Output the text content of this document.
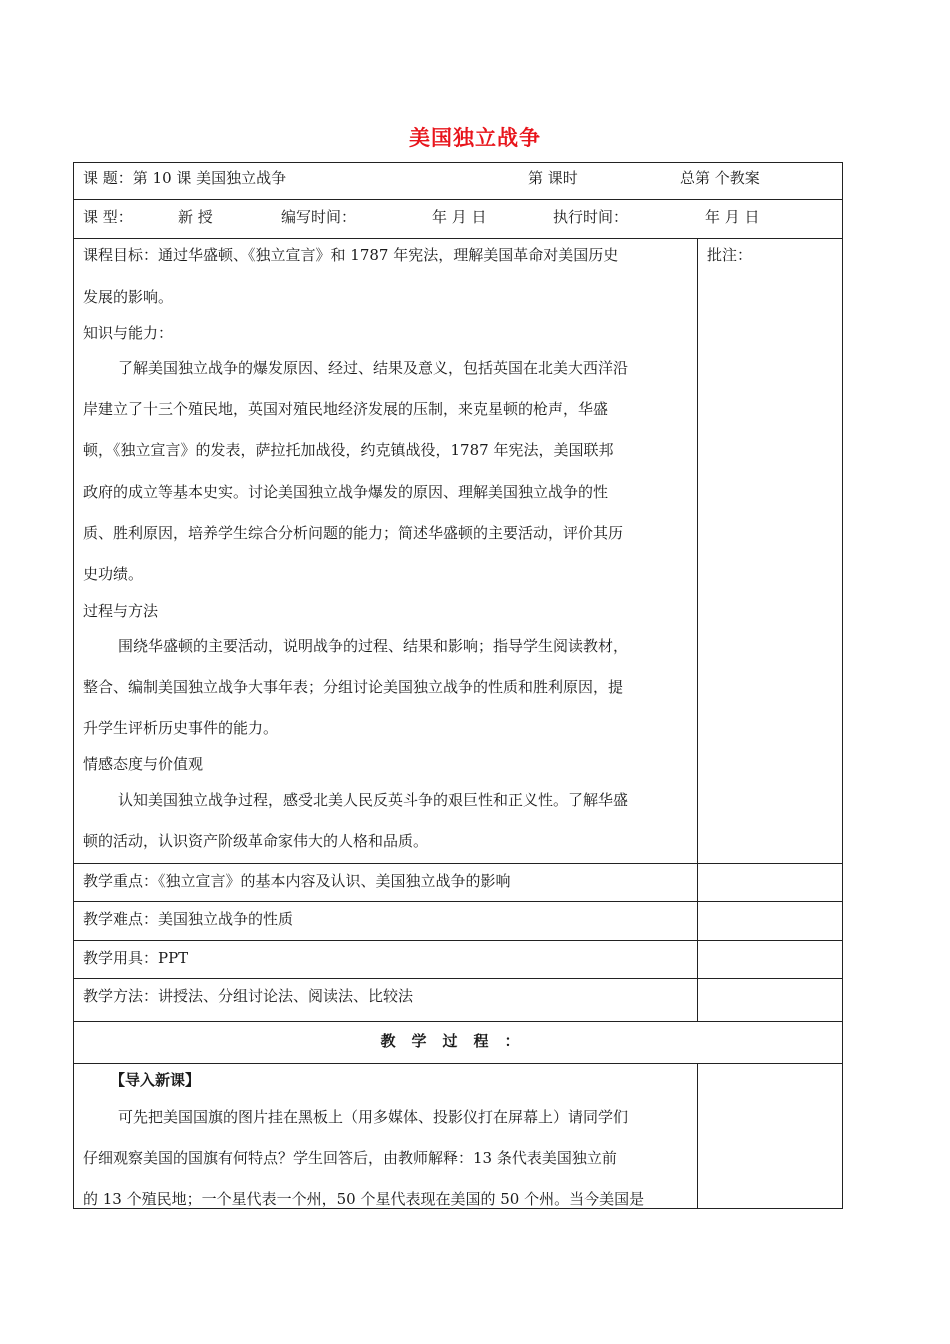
美国独立战争
课 题：第 10 课 美国独立战争	第 课时	总第 个教案
课 型：	新 授	编写时间：	年 月 日	执行时间：	年 月 日
课程目标：通过华盛顿、《独立宣言》和 1787 年宪法，理解美国革命对美国历史
发展的影响。
知识与能力：
了解美国独立战争的爆发原因、经过、结果及意义，包括英国在北美大西洋沿
岸建立了十三个殖民地，英国对殖民地经济发展的压制，来克星顿的枪声，华盛
顿，《独立宣言》的发表，萨拉托加战役，约克镇战役，1787 年宪法，美国联邦
政府的成立等基本史实。讨论美国独立战争爆发的原因、理解美国独立战争的性
质、胜利原因，培养学生综合分析问题的能力；简述华盛顿的主要活动，评价其历
史功绩。
过程与方法
围绕华盛顿的主要活动，说明战争的过程、结果和影响；指导学生阅读教材，
整合、编制美国独立战争大事年表；分组讨论美国独立战争的性质和胜利原因，提
升学生评析历史事件的能力。
情感态度与价值观
认知美国独立战争过程，感受北美人民反英斗争的艰巨性和正义性。了解华盛
顿的活动，认识资产阶级革命家伟大的人格和品质。
批注：
教学重点：《独立宣言》的基本内容及认识、美国独立战争的影响
教学难点：美国独立战争的性质
教学用具：PPT
教学方法：讲授法、分组讨论法、阅读法、比较法
教学过程：
【导入新课】
可先把美国国旗的图片挂在黑板上（用多媒体、投影仪打在屏幕上）请同学们
仔细观察美国的国旗有何特点？学生回答后，由教师解释：13 条代表美国独立前
的 13 个殖民地；一个星代表一个州，50 个星代表现在美国的 50 个州。当今美国是
